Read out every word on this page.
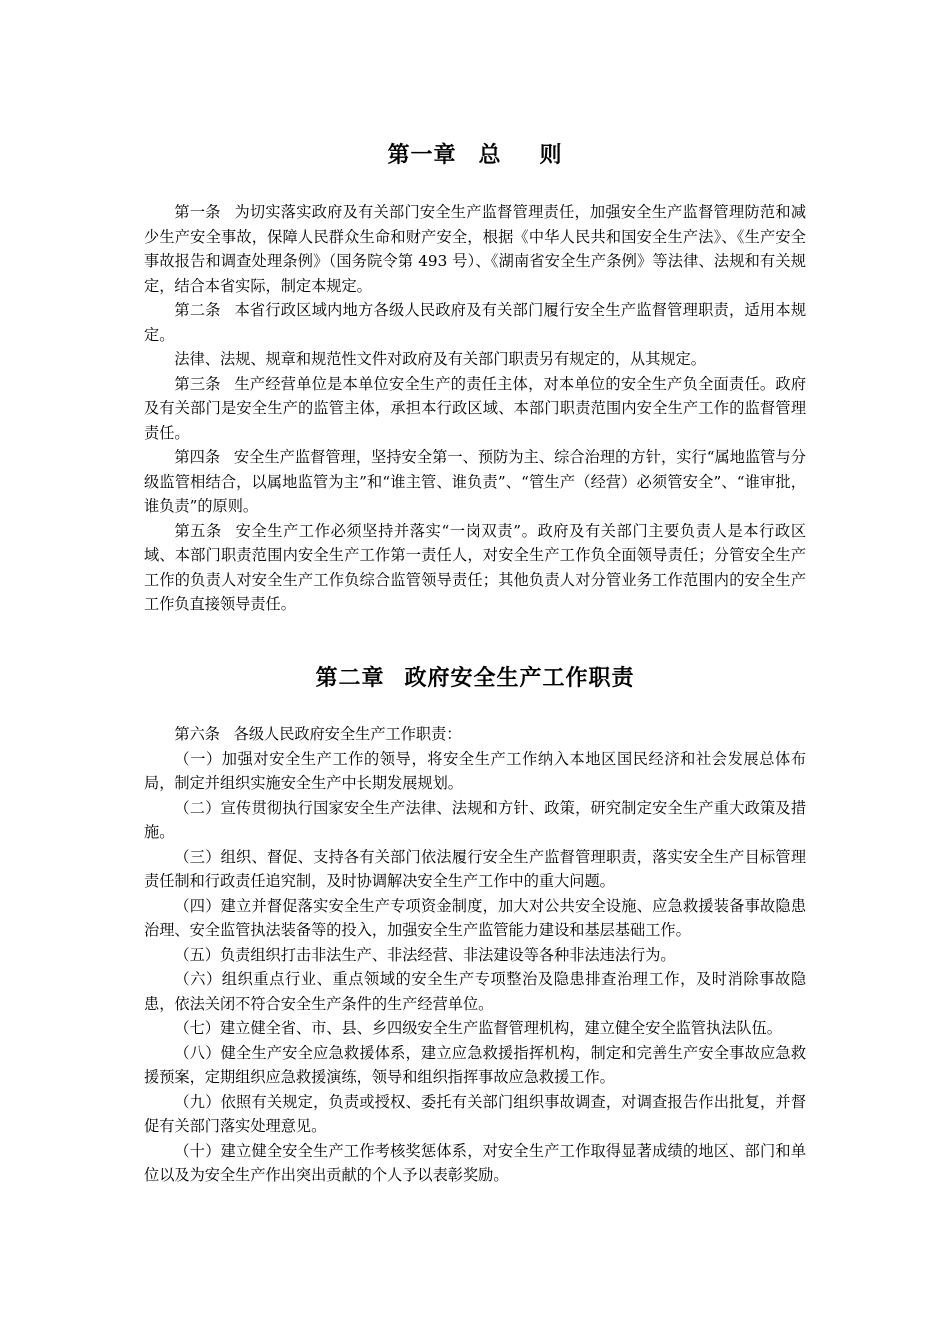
第一章 总 则

第一条 为切实落实政府及有关部门安全生产监督管理责任，加强安全生产监督管理防范和减少生产安全事故，保障人民群众生命和财产安全，根据《中华人民共和国安全生产法》、《生产安全事故报告和调查处理条例》（国务院令第 493 号）、《湖南省安全生产条例》等法律、法规和有关规定，结合本省实际，制定本规定。

第二条 本省行政区域内地方各级人民政府及有关部门履行安全生产监督管理职责，适用本规定。

法律、法规、规章和规范性文件对政府及有关部门职责另有规定的，从其规定。

第三条 生产经营单位是本单位安全生产的责任主体，对本单位的安全生产负全面责任。政府及有关部门是安全生产的监管主体，承担本行政区域、本部门职责范围内安全生产工作的监督管理责任。

第四条 安全生产监督管理，坚持安全第一、预防为主、综合治理的方针，实行“属地监管与分级监管相结合，以属地监管为主”和“谁主管、谁负责”、“管生产（经营）必须管安全”、“谁审批，谁负责”的原则。

第五条 安全生产工作必须坚持并落实“一岗双责”。政府及有关部门主要负责人是本行政区域、本部门职责范围内安全生产工作第一责任人，对安全生产工作负全面领导责任；分管安全生产工作的负责人对安全生产工作负综合监管领导责任；其他负责人对分管业务工作范围内的安全生产工作负直接领导责任。

第二章 政府安全生产工作职责

第六条 各级人民政府安全生产工作职责：

（一）加强对安全生产工作的领导，将安全生产工作纳入本地区国民经济和社会发展总体布局，制定并组织实施安全生产中长期发展规划。

（二）宣传贯彻执行国家安全生产法律、法规和方针、政策，研究制定安全生产重大政策及措施。

（三）组织、督促、支持各有关部门依法履行安全生产监督管理职责，落实安全生产目标管理责任制和行政责任追究制，及时协调解决安全生产工作中的重大问题。

（四）建立并督促落实安全生产专项资金制度，加大对公共安全设施、应急救援装备事故隐患治理、安全监管执法装备等的投入，加强安全生产监管能力建设和基层基础工作。

（五）负责组织打击非法生产、非法经营、非法建设等各种非法违法行为。

（六）组织重点行业、重点领域的安全生产专项整治及隐患排查治理工作，及时消除事故隐患，依法关闭不符合安全生产条件的生产经营单位。

（七）建立健全省、市、县、乡四级安全生产监督管理机构，建立健全安全监管执法队伍。

（八）健全生产安全应急救援体系，建立应急救援指挥机构，制定和完善生产安全事故应急救援预案，定期组织应急救援演练，领导和组织指挥事故应急救援工作。

（九）依照有关规定，负责或授权、委托有关部门组织事故调查，对调查报告作出批复，并督促有关部门落实处理意见。

（十）建立健全安全生产工作考核奖惩体系，对安全生产工作取得显著成绩的地区、部门和单位以及为安全生产作出突出贡献的个人予以表彰奖励。
